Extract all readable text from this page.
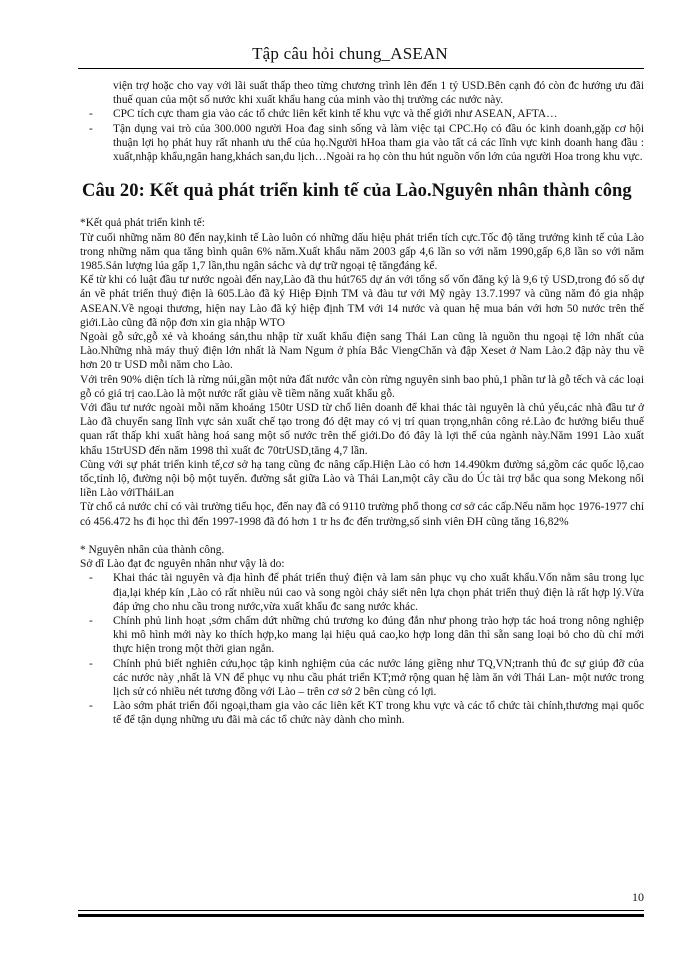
Tập câu hỏi chung_ASEAN
viện trợ hoặc cho vay với lãi suất thấp theo từng chương trình lên đến 1 tỷ USD.Bên cạnh đó còn đc hướng ưu đãi thuế quan của một số nước khi xuất khẩu hang của minh vào thị trường các nước này.
- CPC tích cực tham gia vào các tổ chức liên kết kinh tế khu vực và thế giới như ASEAN, AFTA…
- Tận dụng vai trò của 300.000 người Hoa đag sinh sống và làm việc tại CPC.Họ có đầu óc kinh doanh,gặp cơ hội thuận lợi họ phát huy rất nhanh ưu thế của họ.Người hHoa tham gia vào tất cả các lĩnh vực kinh doanh hang đầu : xuất,nhập khẩu,ngân hang,khách san,du lịch…Ngoài ra họ còn thu hút nguồn vốn lớn của người Hoa trong khu vực.
Câu 20: Kết quả phát triển kinh tế của Lào.Nguyên nhân thành công

*Kết quả phát triển kinh tế:

Từ cuối những năm 80 đến nay,kinh tế Lào luôn có những dấu hiệu phát triển tích cực.Tốc độ tăng trưởng kinh tế của Lào trong những năm qua tăng bình quân 6% năm.Xuất khẩu năm 2003 gấp 4,6 lần so với năm 1990,gấp 6,8 lần so với năm 1985.Sản lượng lúa gấp 1,7 lần,thu ngân sáchc và dự trữ ngoại tệ tăngđáng kể.

Kể từ khi có luật đầu tư nước ngoài đến nay,Lào đã thu hút765 dự án với tổng số vốn đăng ký là 9,6 tỷ USD,trong đó số dự án về phát triển thuỷ điện là 605.Lào đã ký Hiệp Định TM và đàu tư với Mỹ ngày 13.7.1997 và cũng năm đó gia nhập ASEAN.Về ngoại thương, hiện nay Lào đã ký hiệp định TM với 14 nước và quan hệ mua bán với hơn 50 nước trên thế giới.Lào cũng đã nộp đơn xin gia nhập WTO

Ngoài gỗ sức,gỗ xẻ và khoáng sản,thu nhập từ xuất khẩu điện sang Thái Lan cũng là nguồn thu ngoại tệ lớn nhất của Lào.Những nhà máy thuỷ điện lớn nhất là Nam Ngum ở phía Bắc ViengChăn và đập Xeset ở Nam Lào.2 đập này thu về hơn 20 tr USD mỗi năm cho Lào.

Với trên 90% diện tích là rừng núi,gần một nửa đất nước vẫn còn rừng nguyên sinh bao phủ,1 phần tư là gỗ tếch và các loại gỗ có giá trị cao.Lào là một nước rất giàu về tiềm năng xuất khẩu gỗ.

Với đầu tư nước ngoài mỗi năm khoảng 150tr USD từ chổ liên doanh để khai thác tài nguyên là chủ yếu,các nhà đầu tư ở Lào đã chuyển sang lĩnh vực sản xuất chế tạo trong đó dệt may có vị trí quan trọng,nhân công rẻ.Lào đc hưởng biểu thuế quan rất thấp khi xuất hàng hoá sang một số nước trên thế giới.Do đó đây là lợi thế của ngành này.Năm 1991 Lào xuất khẩu 15trUSD đến năm 1998 thì xuất đc 70trUSD,tăng 4,7 lần.

Cùng với sự phát triển kinh tế,cơ sở hạ tang cũng đc nâng cấp.Hiện Lào có hơn 14.490km đường sá,gồm các quốc lộ,cao tốc,tỉnh lộ, đường nội bộ một tuyến. đường sắt giữa Lào và Thái Lan,một cây cầu do Úc tài trợ bắc qua song Mekong nối liền Lào vớiTháiLan

Từ chổ cả nước chỉ có vài trường tiểu học, đến nay đã có 9110 trường phổ thong cơ sở các cấp.Nếu năm học 1976-1977 chỉ có 456.472 hs đi học thì đến 1997-1998 đã đó hơn 1 tr hs đc đến trường,số sinh viên ĐH cũng tăng 16,82%

* Nguyên nhân của thành công.

Sở dĩ Lào đạt đc nguyên nhân như vậy là do:

- Khai thác tài nguyên và địa hình để phát triển thuỷ điện và lam sản phục vụ cho xuất khẩu.Vốn nằm sâu trong lục địa,lại khép kín ,Lào có rất nhiều núi cao và song ngòi chảy siết nên lựa chọn phát triển thuỷ điện là rất hợp lý.Vừa đáp ứng cho nhu cầu trong nước,vừa xuất khẩu đc sang nước khác.
- Chính phủ linh hoạt ,sớm chấm dứt những chủ trương ko đúng đắn như phong trào hợp tác hoá trong nông nghiệp khi mô hình mới này ko thích hợp,ko mang lại hiệu quả cao,ko hợp long dân thì sẵn sang loại bỏ cho dù chỉ mới thực hiện trong một thời gian ngắn.
- Chính phủ biết nghiên cứu,học tập kinh nghiệm của các nước láng giềng như TQ,VN;tranh thủ đc sự giúp đỡ của các nước này ,nhất là VN để phục vụ nhu cầu phát triển KT;mở rộng quan hệ làm ăn với Thái Lan- một nước trong lịch sử có nhiều nét tương đồng với Lào – trên cơ sở 2 bên cùng có lợi.
- Lào sớm phát triển đối ngoại,tham gia vào các liên kết KT trong khu vực và các tổ chức tài chính,thương mại quốc tế để tận dụng những ưu đãi mà các tổ chức này dành cho mình.
10
